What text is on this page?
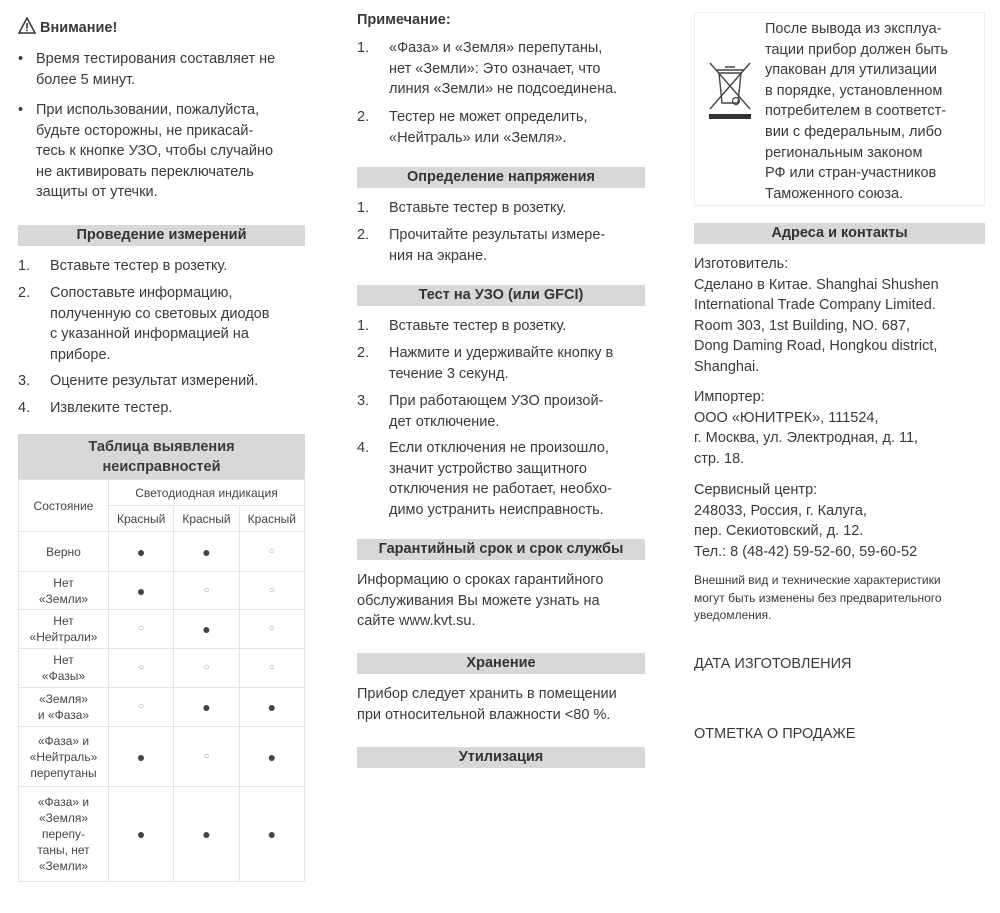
Внимание!
• Время тестирования составляет не
более 5 минут.
• При использовании, пожалуйста,
будьте осторожны, не прикасай-
тесь к кнопке УЗО, чтобы случайно
не активировать переключатель
защиты от утечки.
Проведение измерений
1.	Вставьте тестер в розетку.
2.	Сопоставьте информацию,
полученную со световых диодов
с указанной информацией на
приборе.
3.	Оцените результат измерений.
4.	Извлеките тестер.
Таблица выявления
неисправностей
Состояние	Светодиодная индикация		
	Красный	Красный	Красный
Верно	●	●	○
Нет
«Земли»	●	○	○
Нет
«Нейтрали»	○	●	○
Нет
«Фазы»	○	○	○
«Земля»
и «Фаза»	○	●	●
«Фаза» и
«Нейтраль»
перепутаны	●	○	●
«Фаза» и
«Земля»
перепу-
таны, нет
«Земли»	●	●	●
Примечание:
1.	«Фаза» и «Земля» перепутаны,
нет «Земли»: Это означает, что
линия «Земли» не подсоединена.
2.	Тестер не может определить,
«Нейтраль» или «Земля».
Определение напряжения
1.	Вставьте тестер в розетку.
2.	Прочитайте результаты измере-
ния на экране.
Тест на УЗО (или GFCI)
1.	Вставьте тестер в розетку.
2.	Нажмите и удерживайте кнопку в
течение 3 секунд.
3.	При работающем УЗО произой-
дет отключение.
4.	Если отключения не произошло,
значит устройство защитного
отключения не работает, необхо-
димо устранить неисправность.
Гарантийный срок и срок службы
Информацию о сроках гарантийного
обслуживания Вы можете узнать на
сайте www.kvt.su.
Хранение
Прибор следует хранить в помещении
при относительной влажности <80 %.
Утилизация
После вывода из эксплуа-
тации прибор должен быть
упакован для утилизации
в порядке, установленном
потребителем в соответст-
вии с федеральным, либо
региональным законом
РФ или стран-участников
Таможенного союза.
Адреса и контакты
Изготовитель:
Сделано в Китае. Shanghai Shushen
International Trade Company Limited.
Room 303, 1st Building, NO. 687,
Dong Daming Road, Hongkou district,
Shanghai.
Импортер:
ООО «ЮНИТРЕК», 111524,
г. Москва, ул. Электродная, д. 11,
стр. 18.
Сервисный центр:
248033, Россия, г. Калуга,
пер. Секиотовский, д. 12.
Тел.: 8 (48-42) 59-52-60, 59-60-52
Внешний вид и технические характеристики
могут быть изменены без предварительного
уведомления.
ДАТА ИЗГОТОВЛЕНИЯ
ОТМЕТКА О ПРОДАЖЕ
